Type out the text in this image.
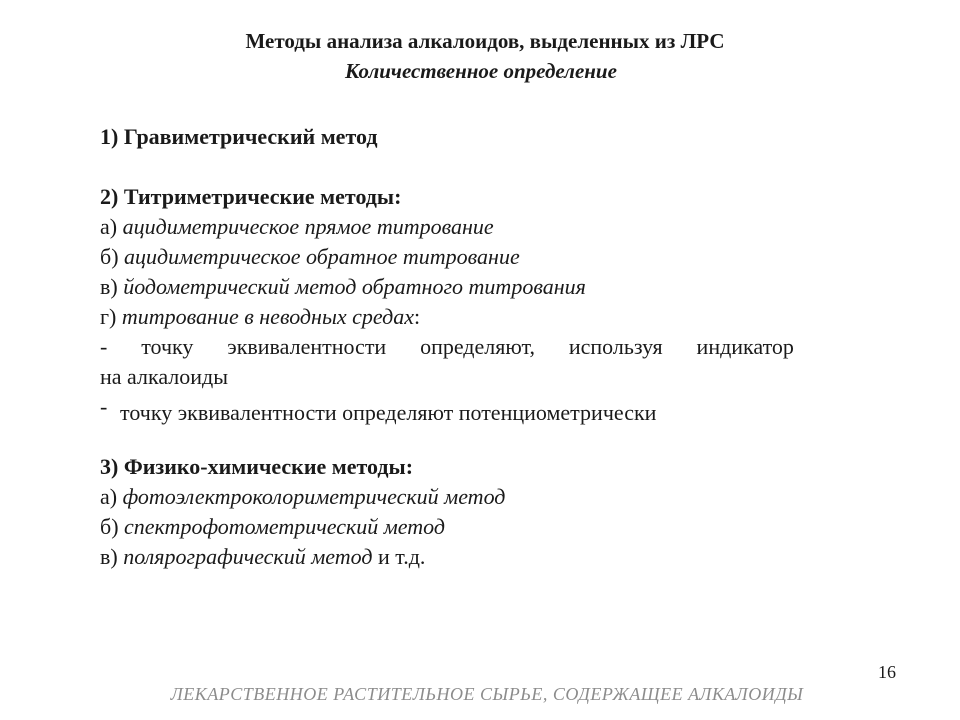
Методы анализа алкалоидов, выделенных из ЛРС
Количественное определение
1) Гравиметрический метод
2) Титриметрические методы:
а) ацидиметрическое прямое титрование
б) ацидиметрическое обратное титрование
в) йодометрический метод обратного титрования
г) титрование в неводных средах:
- точку эквивалентности определяют, используя индикатор
на алкалоиды
- точку эквивалентности определяют потенциометрически
3) Физико-химические методы:
а) фотоэлектроколориметрический метод
б) спектрофотометрический метод
в) полярографический метод и т.д.
16
ЛЕКАРСТВЕННОЕ РАСТИТЕЛЬНОЕ СЫРЬЕ, СОДЕРЖАЩЕЕ АЛКАЛОИДЫ
